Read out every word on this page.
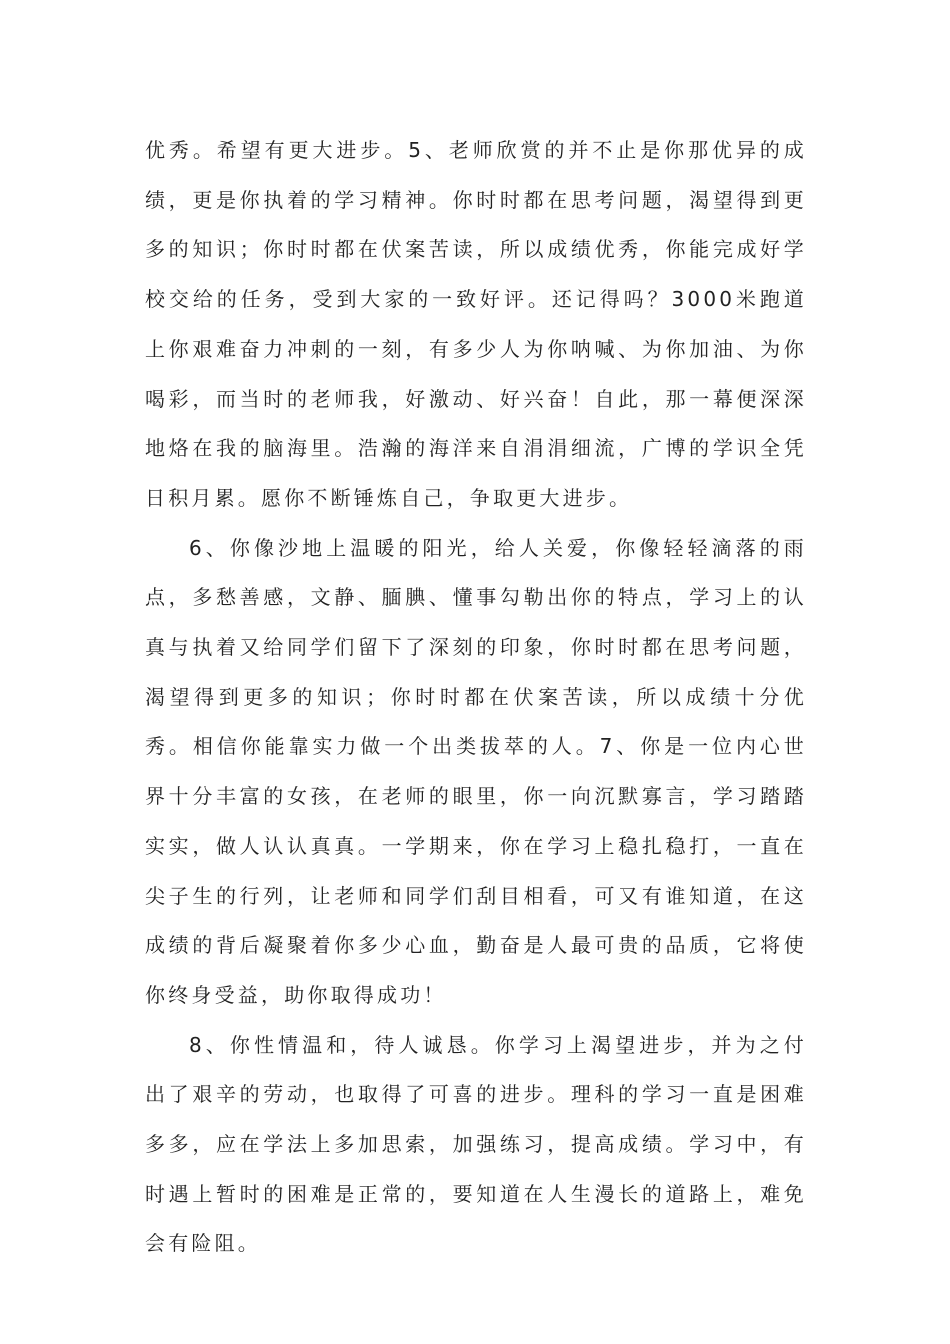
优秀。希望有更大进步。5、老师欣赏的并不止是你那优异的成绩，更是你执着的学习精神。你时时都在思考问题，渴望得到更多的知识；你时时都在伏案苦读，所以成绩优秀，你能完成好学校交给的任务，受到大家的一致好评。还记得吗？3000米跑道上你艰难奋力冲刺的一刻，有多少人为你呐喊、为你加油、为你喝彩，而当时的老师我，好激动、好兴奋！自此，那一幕便深深地烙在我的脑海里。浩瀚的海洋来自涓涓细流，广博的学识全凭日积月累。愿你不断锤炼自己，争取更大进步。

6、你像沙地上温暖的阳光，给人关爱，你像轻轻滴落的雨点，多愁善感，文静、腼腆、懂事勾勒出你的特点，学习上的认真与执着又给同学们留下了深刻的印象，你时时都在思考问题，渴望得到更多的知识；你时时都在伏案苦读，所以成绩十分优秀。相信你能靠实力做一个出类拔萃的人。7、你是一位内心世界十分丰富的女孩，在老师的眼里，你一向沉默寡言，学习踏踏实实，做人认认真真。一学期来，你在学习上稳扎稳打，一直在尖子生的行列，让老师和同学们刮目相看，可又有谁知道，在这成绩的背后凝聚着你多少心血，勤奋是人最可贵的品质，它将使你终身受益，助你取得成功！

8、你性情温和，待人诚恳。你学习上渴望进步，并为之付出了艰辛的劳动，也取得了可喜的进步。理科的学习一直是困难多多，应在学法上多加思索，加强练习，提高成绩。学习中，有时遇上暂时的困难是正常的，要知道在人生漫长的道路上，难免会有险阻。
